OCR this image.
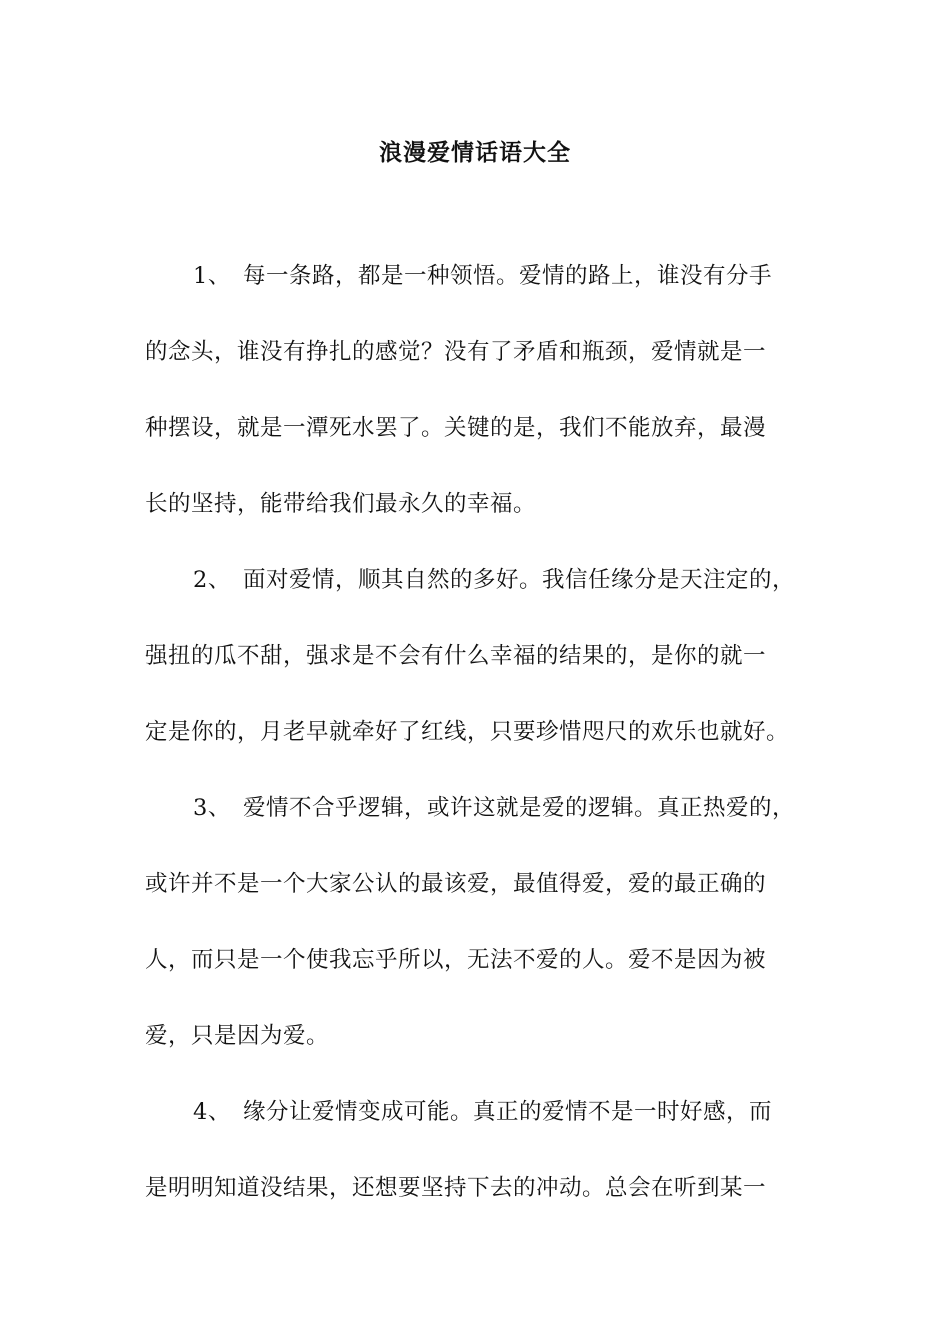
浪漫爱情话语大全
1、 每一条路，都是一种领悟。爱情的路上，谁没有分手
的念头，谁没有挣扎的感觉？没有了矛盾和瓶颈，爱情就是一
种摆设，就是一潭死水罢了。关键的是，我们不能放弃，最漫
长的坚持，能带给我们最永久的幸福。
2、 面对爱情，顺其自然的多好。我信任缘分是天注定的，
强扭的瓜不甜，强求是不会有什么幸福的结果的，是你的就一
定是你的，月老早就牵好了红线，只要珍惜咫尺的欢乐也就好。
3、 爱情不合乎逻辑，或许这就是爱的逻辑。真正热爱的，
或许并不是一个大家公认的最该爱，最值得爱，爱的最正确的
人，而只是一个使我忘乎所以，无法不爱的人。爱不是因为被
爱，只是因为爱。
4、 缘分让爱情变成可能。真正的爱情不是一时好感，而
是明明知道没结果，还想要坚持下去的冲动。总会在听到某一
